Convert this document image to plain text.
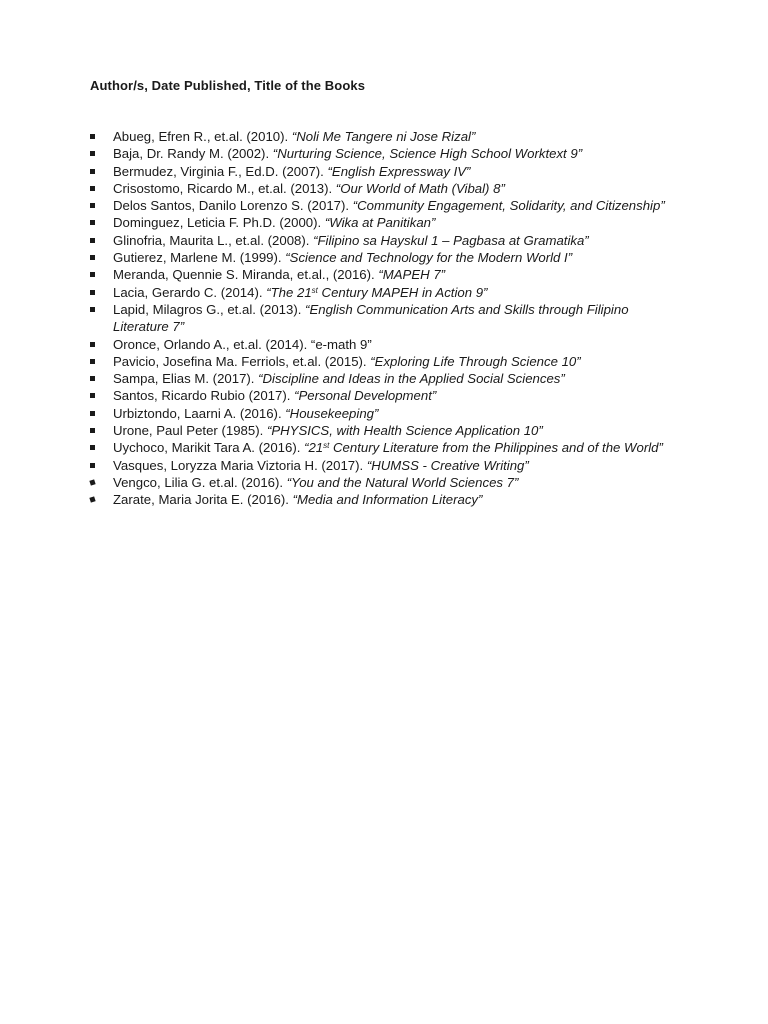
Author/s, Date Published, Title of the Books
Abueg, Efren R., et.al. (2010). “Noli Me Tangere ni Jose Rizal”
Baja, Dr. Randy M. (2002). “Nurturing Science, Science High School Worktext 9”
Bermudez, Virginia F., Ed.D. (2007). “English Expressway IV”
Crisostomo, Ricardo M., et.al. (2013). “Our World of Math (Vibal) 8”
Delos Santos, Danilo Lorenzo S. (2017). “Community Engagement, Solidarity, and Citizenship”
Dominguez, Leticia F. Ph.D. (2000). “Wika at Panitikan”
Glinofria, Maurita L., et.al. (2008). “Filipino sa Hayskul 1 – Pagbasa at Gramatika”
Gutierez, Marlene M. (1999). “Science and Technology for the Modern World I”
Meranda, Quennie S. Miranda, et.al., (2016). “MAPEH 7”
Lacia, Gerardo C. (2014). “The 21st Century MAPEH in Action 9”
Lapid, Milagros G., et.al. (2013). “English Communication Arts and Skills through Filipino Literature 7”
Oronce, Orlando A., et.al. (2014). “e-math 9”
Pavicio, Josefina Ma. Ferriols, et.al. (2015). “Exploring Life Through Science 10”
Sampa, Elias M. (2017). “Discipline and Ideas in the Applied Social Sciences”
Santos, Ricardo Rubio (2017). “Personal Development”
Urbiztondo, Laarni A. (2016). “Housekeeping”
Urone, Paul Peter (1985). “PHYSICS, with Health Science Application 10”
Uychoco, Marikit Tara A. (2016). “21st Century Literature from the Philippines and of the World”
Vasques, Loryzza Maria Viztoria H. (2017). “HUMSS - Creative Writing”
Vengco, Lilia G. et.al. (2016). “You and the Natural World Sciences 7”
Zarate, Maria Jorita E. (2016). “Media and Information Literacy”
